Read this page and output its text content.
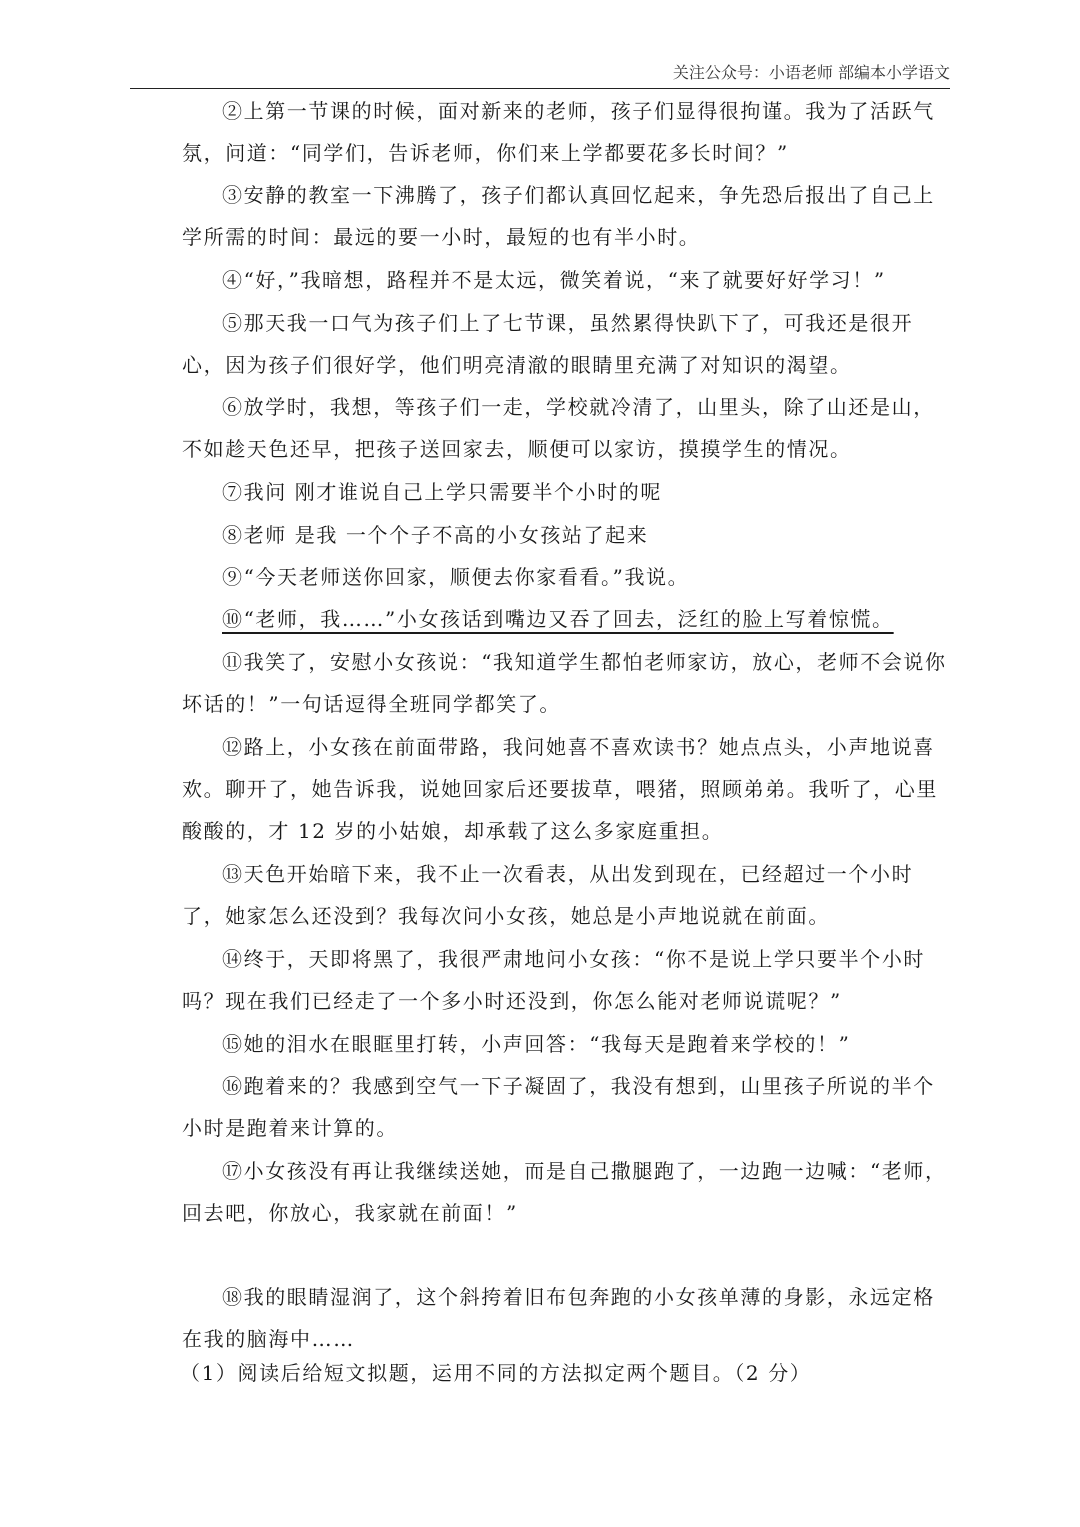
关注公众号：小语老师 部编本小学语文

②上第一节课的时候，面对新来的老师，孩子们显得很拘谨。我为了活跃气氛，问道：“同学们，告诉老师，你们来上学都要花多长时间？”

③安静的教室一下沸腾了，孩子们都认真回忆起来，争先恐后报出了自己上学所需的时间：最远的要一小时，最短的也有半小时。

④“好，”我暗想，路程并不是太远，微笑着说，“来了就要好好学习！”

⑤那天我一口气为孩子们上了七节课，虽然累得快趴下了，可我还是很开心，因为孩子们很好学，他们明亮清澈的眼睛里充满了对知识的渴望。

⑥放学时，我想，等孩子们一走，学校就冷清了，山里头，除了山还是山，不如趁天色还早，把孩子送回家去，顺便可以家访，摸摸学生的情况。

⑦我问 刚才谁说自己上学只需要半个小时的呢

⑧老师 是我 一个个子不高的小女孩站了起来

⑨“今天老师送你回家，顺便去你家看看。”我说。

⑩“老师，我……”小女孩话到嘴边又吞了回去，泛红的脸上写着惊慌。

⑪我笑了，安慰小女孩说：“我知道学生都怕老师家访，放心，老师不会说你坏话的！”一句话逗得全班同学都笑了。

⑫路上，小女孩在前面带路，我问她喜不喜欢读书？她点点头，小声地说喜欢。聊开了，她告诉我，说她回家后还要拔草，喂猪，照顾弟弟。我听了，心里酸酸的，才 12 岁的小姑娘，却承载了这么多家庭重担。

⑬天色开始暗下来，我不止一次看表，从出发到现在，已经超过一个小时了，她家怎么还没到？我每次问小女孩，她总是小声地说就在前面。

⑭终于，天即将黑了，我很严肃地问小女孩：“你不是说上学只要半个小时吗？现在我们已经走了一个多小时还没到，你怎么能对老师说谎呢？”

⑮她的泪水在眼眶里打转，小声回答：“我每天是跑着来学校的！”

⑯跑着来的？我感到空气一下子凝固了，我没有想到，山里孩子所说的半个小时是跑着来计算的。

⑰小女孩没有再让我继续送她，而是自己撒腿跑了，一边跑一边喊：“老师， 回去吧，你放心，我家就在前面！”

⑱我的眼睛湿润了，这个斜挎着旧布包奔跑的小女孩单薄的身影，永远定格在我的脑海中……

（1）阅读后给短文拟题，运用不同的方法拟定两个题目。（2 分）
